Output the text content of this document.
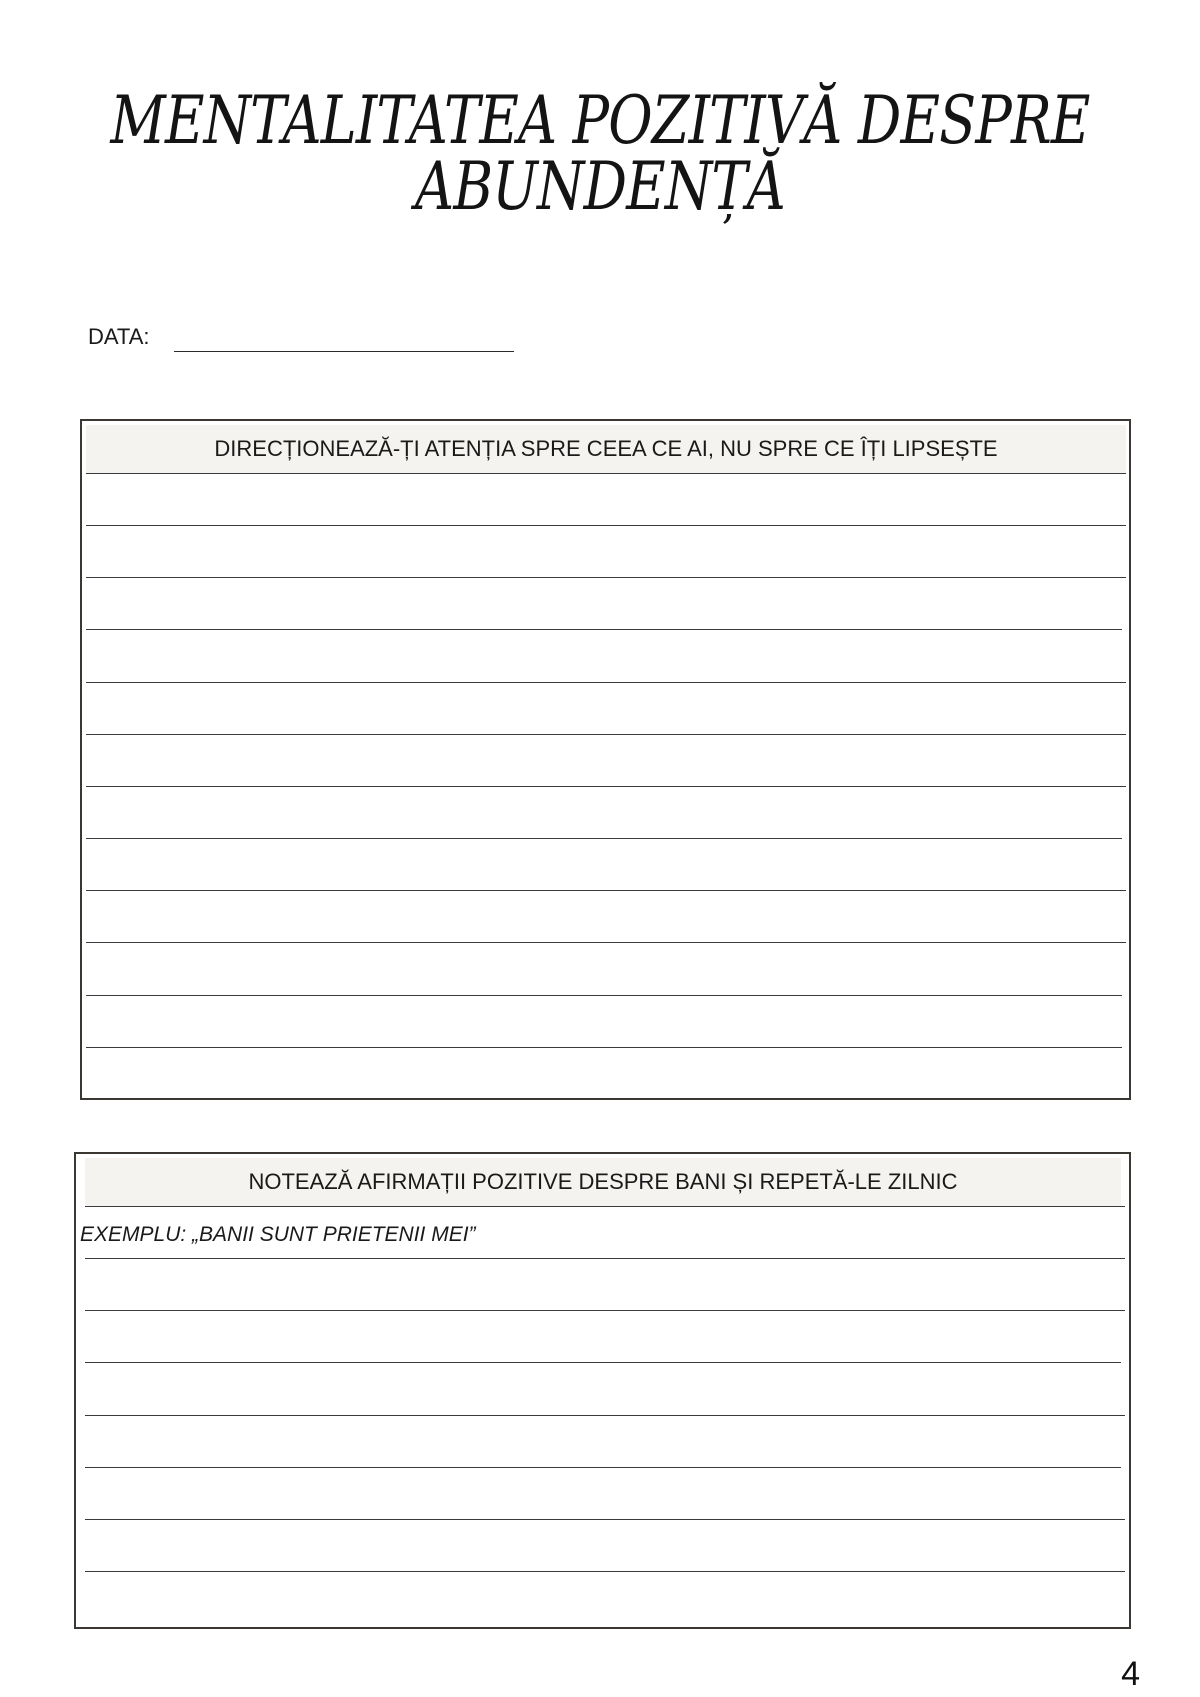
MENTALITATEA POZITIVĂ DESPRE
ABUNDENȚĂ
DATA:
DIRECȚIONEAZĂ-ȚI ATENȚIA SPRE CEEA CE AI, NU SPRE CE ÎȚI LIPSEȘTE
NOTEAZĂ AFIRMAȚII POZITIVE DESPRE BANI ȘI REPETĂ-LE ZILNIC
EXEMPLU: „BANII SUNT PRIETENII MEI”
4
